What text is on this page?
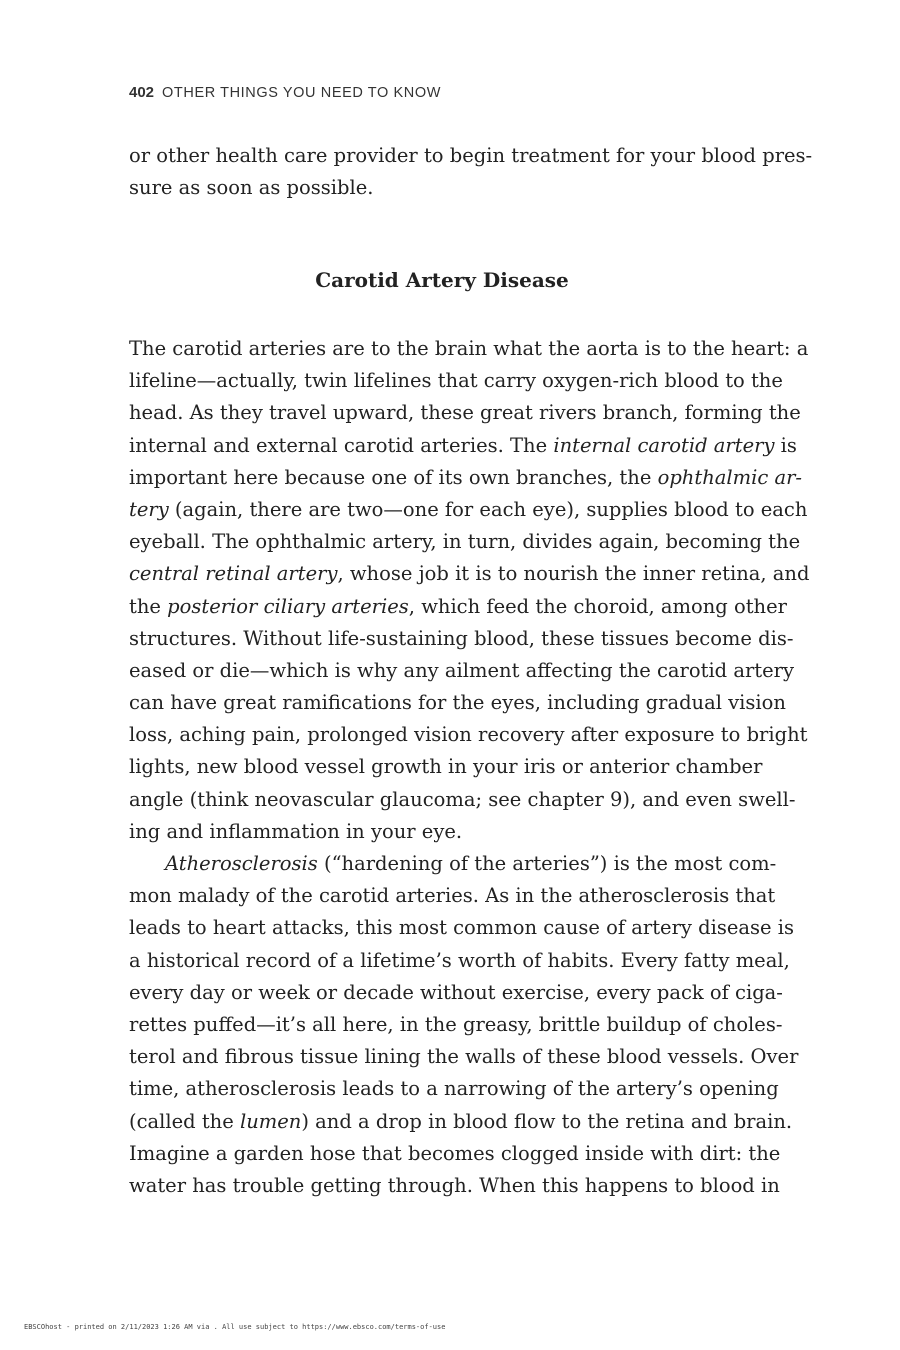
402 OTHER THINGS YOU NEED TO KNOW
or other health care provider to begin treatment for your blood pres-
sure as soon as possible.
Carotid Artery Disease
The carotid arteries are to the brain what the aorta is to the heart: a
lifeline—actually, twin lifelines that carry oxygen-rich blood to the
head. As they travel upward, these great rivers branch, forming the
internal and external carotid arteries. The internal carotid artery is
important here because one of its own branches, the ophthalmic ar-
tery (again, there are two—one for each eye), supplies blood to each
eyeball. The ophthalmic artery, in turn, divides again, becoming the
central retinal artery, whose job it is to nourish the inner retina, and
the posterior ciliary arteries, which feed the choroid, among other
structures. Without life-sustaining blood, these tissues become dis-
eased or die—which is why any ailment affecting the carotid artery
can have great ramifications for the eyes, including gradual vision
loss, aching pain, prolonged vision recovery after exposure to bright
lights, new blood vessel growth in your iris or anterior chamber
angle (think neovascular glaucoma; see chapter 9), and even swell-
ing and inflammation in your eye.
Atherosclerosis (“hardening of the arteries”) is the most com-
mon malady of the carotid arteries. As in the atherosclerosis that
leads to heart attacks, this most common cause of artery disease is
a historical record of a lifetime’s worth of habits. Every fatty meal,
every day or week or decade without exercise, every pack of ciga-
rettes puffed—it’s all here, in the greasy, brittle buildup of choles-
terol and fibrous tissue lining the walls of these blood vessels. Over
time, atherosclerosis leads to a narrowing of the artery’s opening
(called the lumen) and a drop in blood flow to the retina and brain.
Imagine a garden hose that becomes clogged inside with dirt: the
water has trouble getting through. When this happens to blood in
EBSCOhost - printed on 2/11/2023 1:26 AM via . All use subject to https://www.ebsco.com/terms-of-use
